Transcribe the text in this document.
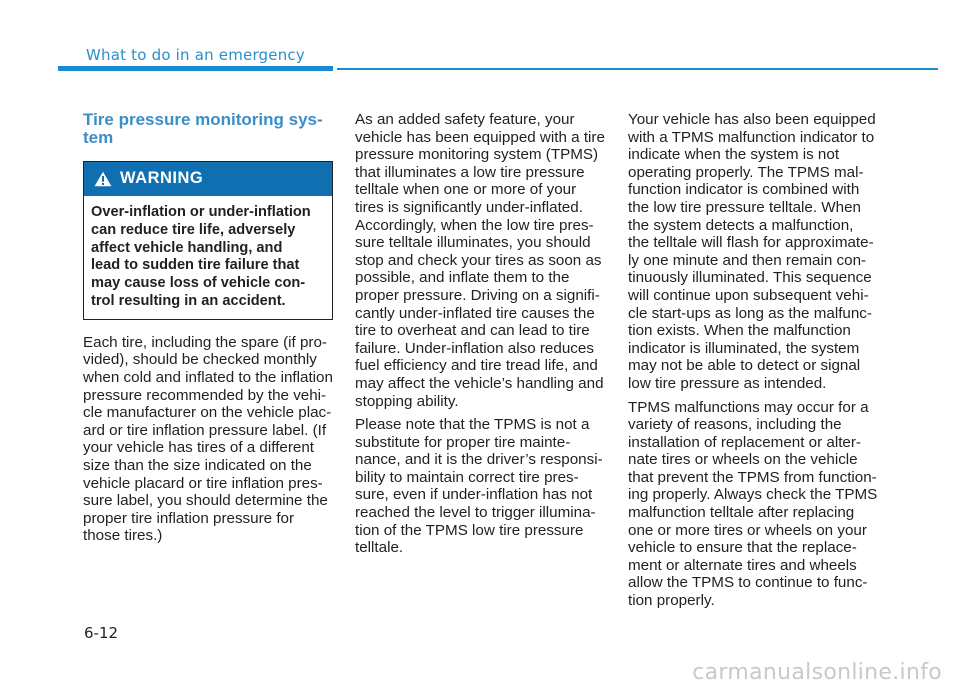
What to do in an emergency
Tire pressure monitoring sys-
tem
WARNING
Over-inflation or under-inflation
can reduce tire life, adversely
affect vehicle handling, and
lead to sudden tire failure that
may cause loss of vehicle con-
trol resulting in an accident.

Each tire, including the spare (if pro-
vided), should be checked monthly
when cold and inflated to the inflation
pressure recommended by the vehi-
cle manufacturer on the vehicle plac-
ard or tire inflation pressure label. (If
your vehicle has tires of a different
size than the size indicated on the
vehicle placard or tire inflation pres-
sure label, you should determine the
proper tire inflation pressure for
those tires.)

As an added safety feature, your
vehicle has been equipped with a tire
pressure monitoring system (TPMS)
that illuminates a low tire pressure
telltale when one or more of your
tires is significantly under-inflated.
Accordingly, when the low tire pres-
sure telltale illuminates, you should
stop and check your tires as soon as
possible, and inflate them to the
proper pressure. Driving on a signifi-
cantly under-inflated tire causes the
tire to overheat and can lead to tire
failure. Under-inflation also reduces
fuel efficiency and tire tread life, and
may affect the vehicle’s handling and
stopping ability.

Please note that the TPMS is not a
substitute for proper tire mainte-
nance, and it is the driver’s responsi-
bility to maintain correct tire pres-
sure, even if under-inflation has not
reached the level to trigger illumina-
tion of the TPMS low tire pressure
telltale.

Your vehicle has also been equipped
with a TPMS malfunction indicator to
indicate when the system is not
operating properly. The TPMS mal-
function indicator is combined with
the low tire pressure telltale. When
the system detects a malfunction,
the telltale will flash for approximate-
ly one minute and then remain con-
tinuously illuminated. This sequence
will continue upon subsequent vehi-
cle start-ups as long as the malfunc-
tion exists. When the malfunction
indicator is illuminated, the system
may not be able to detect or signal
low tire pressure as intended.

TPMS malfunctions may occur for a
variety of reasons, including the
installation of replacement or alter-
nate tires or wheels on the vehicle
that prevent the TPMS from function-
ing properly. Always check the TPMS
malfunction telltale after replacing
one or more tires or wheels on your
vehicle to ensure that the replace-
ment or alternate tires and wheels
allow the TPMS to continue to func-
tion properly.

6-12
carmanualsonline.info
